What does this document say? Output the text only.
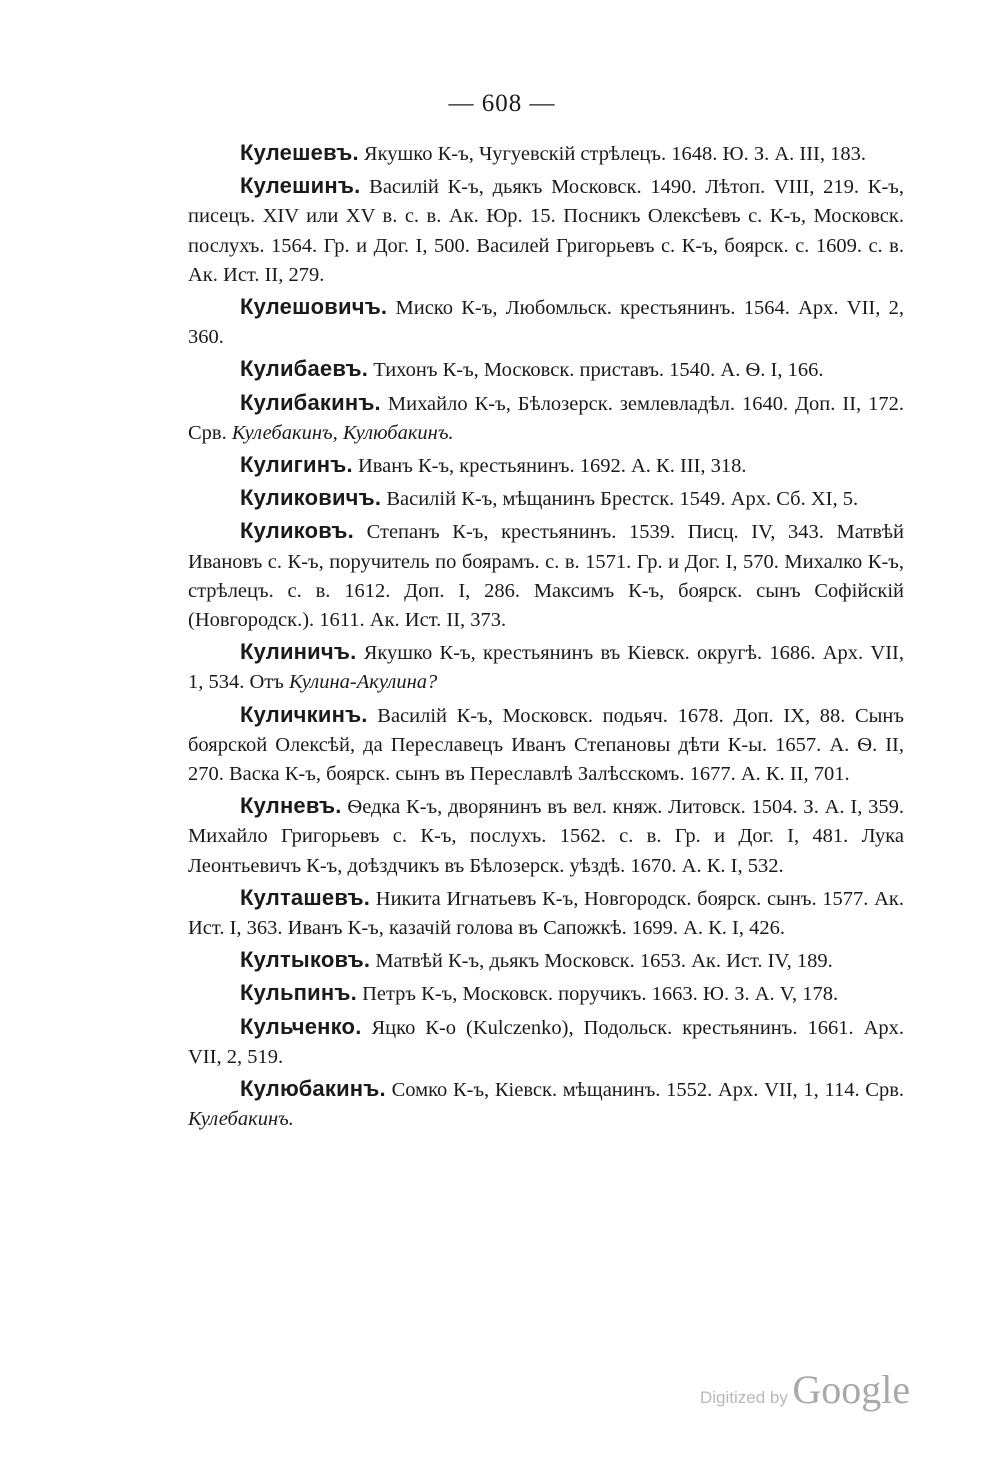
— 608 —

Кулешевъ. Якушко К-ъ, Чугуевскій стрѣлецъ. 1648. Ю. З. А. III, 183.

Кулешинъ. Василій К-ъ, дьякъ Московск. 1490. Лѣтоп. VIII, 219. К-ъ, писецъ. XIV или XV в. с. в. Ак. Юр. 15. Посникъ Олексѣевъ с. К-ъ, Московск. послухъ. 1564. Гр. и Дог. I, 500. Василей Григорьевъ с. К-ъ, боярск. с. 1609. с. в. Ак. Ист. II, 279.

Кулешовичъ. Миско К-ъ, Любомльск. крестьянинъ. 1564. Арх. VII, 2, 360.

Кулибаевъ. Тихонъ К-ъ, Московск. приставъ. 1540. А. Ѳ. I, 166.

Кулибакинъ. Михайло К-ъ, Бѣлозерск. землевладѣл. 1640. Доп. II, 172. Срв. Кулебакинъ, Кулюбакинъ.

Кулигинъ. Иванъ К-ъ, крестьянинъ. 1692. А. К. III, 318.

Куликовичъ. Василій К-ъ, мѣщанинъ Брестск. 1549. Арх. Сб. XI, 5.

Куликовъ. Степанъ К-ъ, крестьянинъ. 1539. Писц. IV, 343. Матвѣй Ивановъ с. К-ъ, поручитель по боярамъ. с. в. 1571. Гр. и Дог. I, 570. Михалко К-ъ, стрѣлецъ. с. в. 1612. Доп. I, 286. Максимъ К-ъ, боярск. сынъ Софійскій (Новгородск.). 1611. Ак. Ист. II, 373.

Кулиничъ. Якушко К-ъ, крестьянинъ въ Кіевск. округѣ. 1686. Арх. VII, 1, 534. Отъ Кулина-Акулина?

Куличкинъ. Василій К-ъ, Московск. подьяч. 1678. Доп. IX, 88. Сынъ боярской Олексѣй, да Переславецъ Иванъ Степановы дѣти К-ы. 1657. А. Ѳ. II, 270. Васка К-ъ, боярск. сынъ въ Переславлѣ Залѣсскомъ. 1677. А. К. II, 701.

Кулневъ. Ѳедка К-ъ, дворянинъ въ вел. княж. Литовск. 1504. З. А. I, 359. Михайло Григорьевъ с. К-ъ, послухъ. 1562. с. в. Гр. и Дог. I, 481. Лука Леонтьевичъ К-ъ, доѣздчикъ въ Бѣлозерск. уѣздѣ. 1670. А. К. I, 532.

Култашевъ. Никита Игнатьевъ К-ъ, Новгородск. боярск. сынъ. 1577. Ак. Ист. I, 363. Иванъ К-ъ, казачій голова въ Сапожкѣ. 1699. А. К. I, 426.

Култыковъ. Матвѣй К-ъ, дьякъ Московск. 1653. Ак. Ист. IV, 189.

Кульпинъ. Петръ К-ъ, Московск. поручикъ. 1663. Ю. З. А. V, 178.

Кульченко. Яцко К-о (Kulczenko), Подольск. крестьянинъ. 1661. Арх. VII, 2, 519.

Кулюбакинъ. Сомко К-ъ, Кіевск. мѣщанинъ. 1552. Арх. VII, 1, 114. Срв. Кулебакинъ.

Digitized by Google
